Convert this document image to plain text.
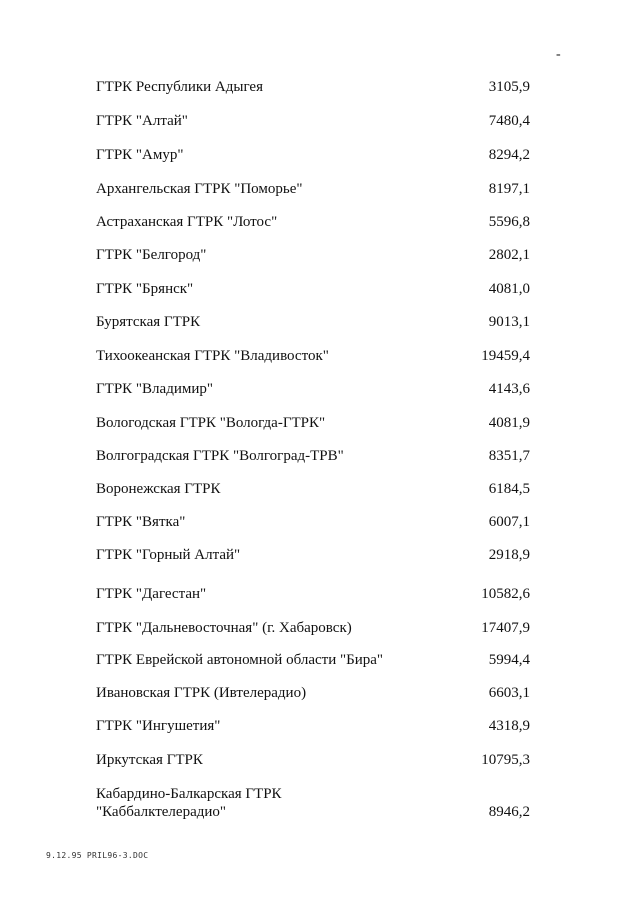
-
ГТРК Республики Адыгея	3105,9
ГТРК "Алтай"	7480,4
ГТРК "Амур"	8294,2
Архангельская ГТРК "Поморье"	8197,1
Астраханская ГТРК "Лотос"	5596,8
ГТРК "Белгород"	2802,1
ГТРК "Брянск"	4081,0
Бурятская ГТРК	9013,1
Тихоокеанская ГТРК "Владивосток"	19459,4
ГТРК "Владимир"	4143,6
Вологодская ГТРК "Вологда-ГТРК"	4081,9
Волгоградская ГТРК "Волгоград-ТРВ"	8351,7
Воронежская ГТРК	6184,5
ГТРК "Вятка"	6007,1
ГТРК "Горный Алтай"	2918,9
ГТРК "Дагестан"	10582,6
ГТРК "Дальневосточная" (г. Хабаровск)	17407,9
ГТРК Еврейской автономной области "Бира"	5994,4
Ивановская ГТРК (Ивтелерадио)	6603,1
ГТРК "Ингушетия"	4318,9
Иркутская ГТРК	10795,3
Кабардино-Балкарская ГТРК
"Каббалктелерадио"	8946,2
9.12.95 PRIL96-3.DOC
